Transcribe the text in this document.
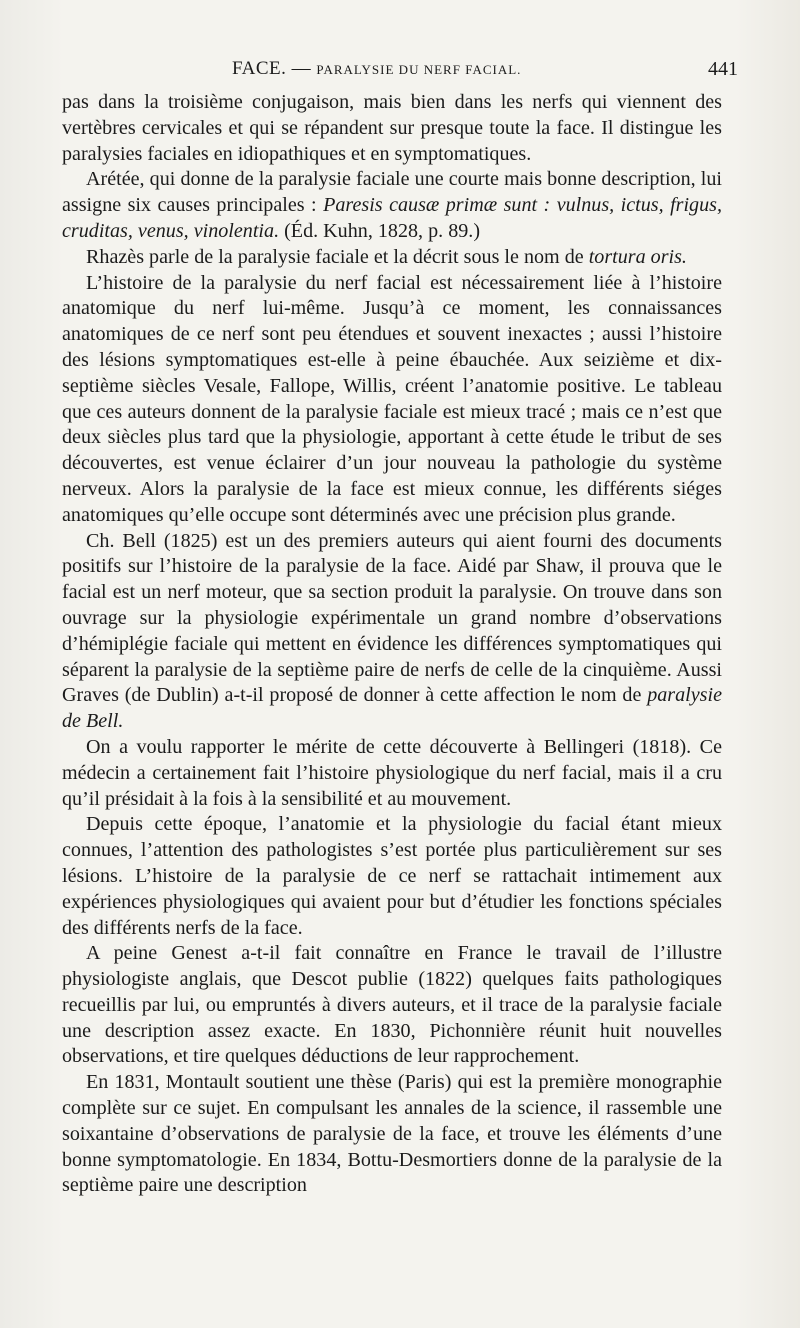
FACE. — PARALYSIE DU NERF FACIAL.	441

pas dans la troisième conjugaison, mais bien dans les nerfs qui viennent des vertèbres cervicales et qui se répandent sur presque toute la face. Il distingue les paralysies faciales en idiopathiques et en symptomatiques.

Arétée, qui donne de la paralysie faciale une courte mais bonne description, lui assigne six causes principales : Paresis causæ primæ sunt : vulnus, ictus, frigus, cruditas, venus, vinolentia. (Éd. Kuhn, 1828, p. 89.)

Rhazès parle de la paralysie faciale et la décrit sous le nom de tortura oris.

L’histoire de la paralysie du nerf facial est nécessairement liée à l’histoire anatomique du nerf lui-même. Jusqu’à ce moment, les connaissances anatomiques de ce nerf sont peu étendues et souvent inexactes ; aussi l’histoire des lésions symptomatiques est-elle à peine ébauchée. Aux seizième et dix-septième siècles Vesale, Fallope, Willis, créent l’anatomie positive. Le tableau que ces auteurs donnent de la paralysie faciale est mieux tracé ; mais ce n’est que deux siècles plus tard que la physiologie, apportant à cette étude le tribut de ses découvertes, est venue éclairer d’un jour nouveau la pathologie du système nerveux. Alors la paralysie de la face est mieux connue, les différents siéges anatomiques qu’elle occupe sont déterminés avec une précision plus grande.

Ch. Bell (1825) est un des premiers auteurs qui aient fourni des documents positifs sur l’histoire de la paralysie de la face. Aidé par Shaw, il prouva que le facial est un nerf moteur, que sa section produit la paralysie. On trouve dans son ouvrage sur la physiologie expérimentale un grand nombre d’observations d’hémiplégie faciale qui mettent en évidence les différences symptomatiques qui séparent la paralysie de la septième paire de nerfs de celle de la cinquième. Aussi Graves (de Dublin) a-t-il proposé de donner à cette affection le nom de paralysie de Bell.

On a voulu rapporter le mérite de cette découverte à Bellingeri (1818). Ce médecin a certainement fait l’histoire physiologique du nerf facial, mais il a cru qu’il présidait à la fois à la sensibilité et au mouvement.

Depuis cette époque, l’anatomie et la physiologie du facial étant mieux connues, l’attention des pathologistes s’est portée plus particulièrement sur ses lésions. L’histoire de la paralysie de ce nerf se rattachait intimement aux expériences physiologiques qui avaient pour but d’étudier les fonctions spéciales des différents nerfs de la face.

A peine Genest a-t-il fait connaître en France le travail de l’illustre physiologiste anglais, que Descot publie (1822) quelques faits pathologiques recueillis par lui, ou empruntés à divers auteurs, et il trace de la paralysie faciale une description assez exacte. En 1830, Pichonnière réunit huit nouvelles observations, et tire quelques déductions de leur rapprochement.

En 1831, Montault soutient une thèse (Paris) qui est la première monographie complète sur ce sujet. En compulsant les annales de la science, il rassemble une soixantaine d’observations de paralysie de la face, et trouve les éléments d’une bonne symptomatologie. En 1834, Bottu-Desmortiers donne de la paralysie de la septième paire une description
